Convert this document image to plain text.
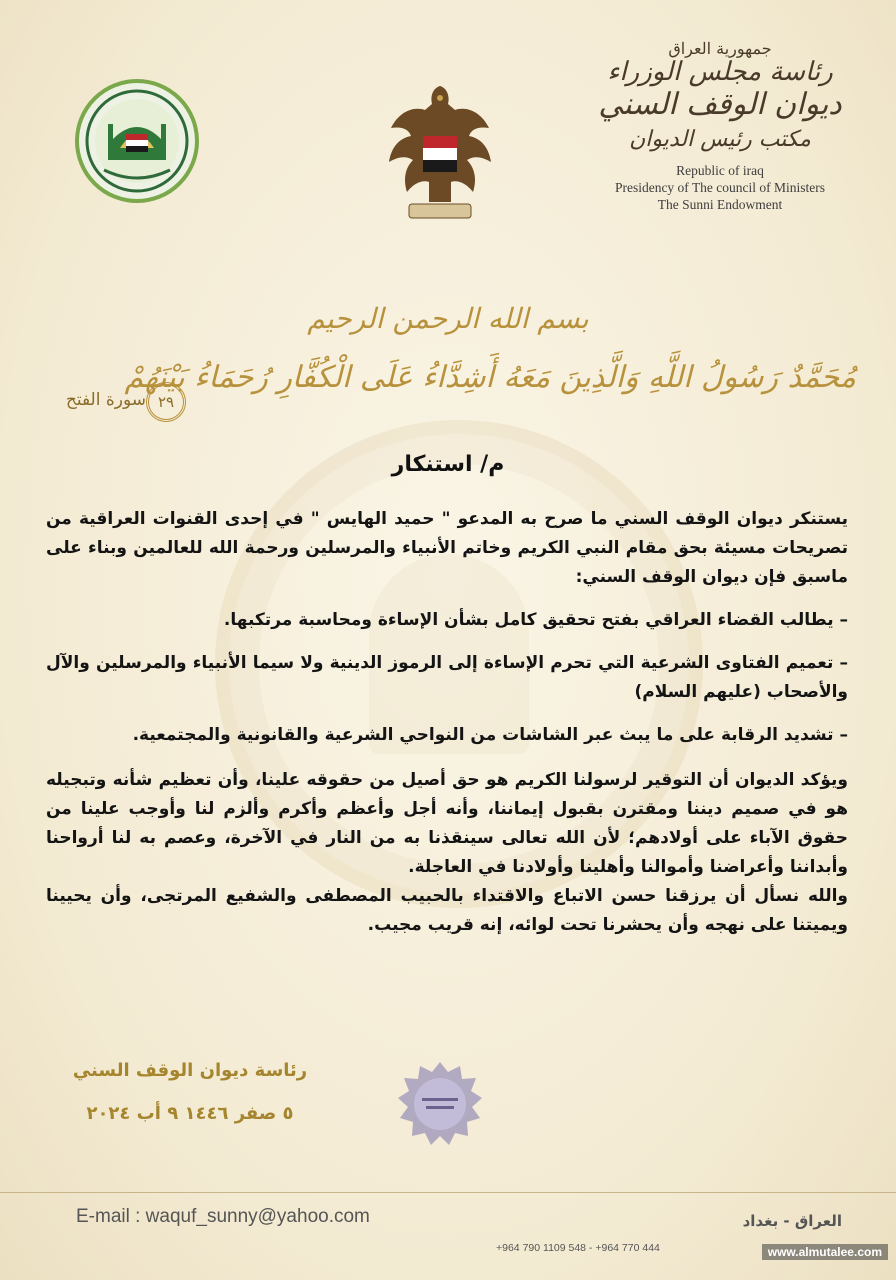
جمهورية العراق
رئاسة مجلس الوزراء
ديوان الوقف السني
مكتب رئيس الديوان
Republic of iraq
Presidency of The council of Ministers
The Sunni Endowment
بسم الله الرحمن الرحيم
مُحَمَّدٌ رَسُولُ اللَّهِ وَالَّذِينَ مَعَهُ أَشِدَّاءُ عَلَى الْكُفَّارِ رُحَمَاءُ بَيْنَهُمْ
٢٩
سورة الفتح
م/ استنكار

يستنكر ديوان الوقف السني ما صرح به المدعو " حميد الهايس " في إحدى القنوات العراقية من تصريحات مسيئة بحق مقام النبي الكريم وخاتم الأنبياء والمرسلين ورحمة الله للعالمين وبناء على ماسبق فإن ديوان الوقف السني:

– يطالب القضاء العراقي بفتح تحقيق كامل بشأن الإساءة ومحاسبة مرتكبها.

– تعميم الفتاوى الشرعية التي تحرم الإساءة إلى الرموز الدينية ولا سيما الأنبياء والمرسلين والآل والأصحاب (عليهم السلام)

– تشديد الرقابة على ما يبث عبر الشاشات من النواحي الشرعية والقانونية والمجتمعية.

ويؤكد الديوان أن التوقير لرسولنا الكريم هو حق أصيل من حقوقه علينا، وأن تعظيم شأنه وتبجيله هو في صميم ديننا ومقترن بقبول إيماننا، وأنه أجل وأعظم وأكرم وألزم لنا وأوجب علينا من حقوق الآباء على أولادهم؛ لأن الله تعالى سينقذنا به من النار في الآخرة، وعصم به لنا أرواحنا وأبداننا وأعراضنا وأموالنا وأهلينا وأولادنا في العاجلة.

والله نسأل أن يرزقنا حسن الاتباع والاقتداء بالحبيب المصطفى والشفيع المرتجى، وأن يحيينا ويميتنا على نهجه وأن يحشرنا تحت لوائه، إنه قريب مجيب.

رئاسة ديوان الوقف السني
٥ صفر ١٤٤٦ ٩ أب ٢٠٢٤
E-mail : waquf_sunny@yahoo.com	العراق - بغداد
+964 790 1109 548 - +964 770 444	www.almutalee.com
